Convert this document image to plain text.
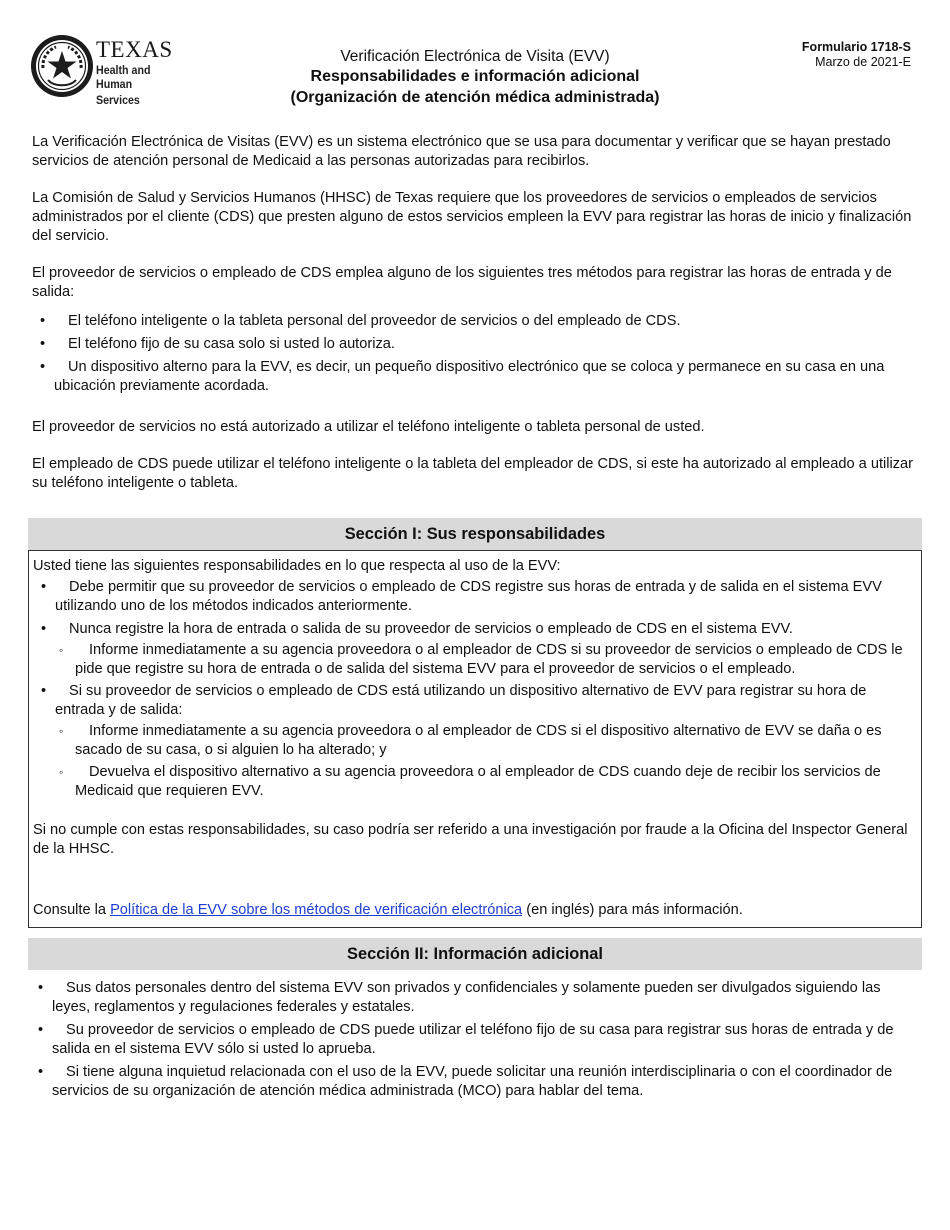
TEXAS
Health and Human
Services
Verificación Electrónica de Visita (EVV)
Responsabilidades e información adicional
(Organización de atención médica administrada)
Formulario 1718-S
Marzo de 2021-E

La Verificación Electrónica de Visitas (EVV) es un sistema electrónico que se usa para documentar y verificar que se hayan prestado servicios de atención personal de Medicaid a las personas autorizadas para recibirlos.

La Comisión de Salud y Servicios Humanos (HHSC) de Texas requiere que los proveedores de servicios o empleados de servicios administrados por el cliente (CDS) que presten alguno de estos servicios empleen la EVV para registrar las horas de inicio y finalización del servicio.

El proveedor de servicios o empleado de CDS emplea alguno de los siguientes tres métodos para registrar las horas de entrada y de salida:

• El teléfono inteligente o la tableta personal del proveedor de servicios o del empleado de CDS.
• El teléfono fijo de su casa solo si usted lo autoriza.
• Un dispositivo alterno para la EVV, es decir, un pequeño dispositivo electrónico que se coloca y permanece en su casa en una ubicación previamente acordada.

El proveedor de servicios no está autorizado a utilizar el teléfono inteligente o tableta personal de usted.

El empleado de CDS puede utilizar el teléfono inteligente o la tableta del empleador de CDS, si este ha autorizado al empleado a utilizar su teléfono inteligente o tableta.

Sección I: Sus responsabilidades

Usted tiene las siguientes responsabilidades en lo que respecta al uso de la EVV:

• Debe permitir que su proveedor de servicios o empleado de CDS registre sus horas de entrada y de salida en el sistema EVV utilizando uno de los métodos indicados anteriormente.
• Nunca registre la hora de entrada o salida de su proveedor de servicios o empleado de CDS en el sistema EVV.
◦ Informe inmediatamente a su agencia proveedora o al empleador de CDS si su proveedor de servicios o empleado de CDS le pide que registre su hora de entrada o de salida del sistema EVV para el proveedor de servicios o el empleado.
• Si su proveedor de servicios o empleado de CDS está utilizando un dispositivo alternativo de EVV para registrar su hora de entrada y de salida:
◦ Informe inmediatamente a su agencia proveedora o al empleador de CDS si el dispositivo alternativo de EVV se daña o es sacado de su casa, o si alguien lo ha alterado; y
◦ Devuelva el dispositivo alternativo a su agencia proveedora o al empleador de CDS cuando deje de recibir los servicios de Medicaid que requieren EVV.

Si no cumple con estas responsabilidades, su caso podría ser referido a una investigación por fraude a la Oficina del Inspector General de la HHSC.

Consulte la Política de la EVV sobre los métodos de verificación electrónica (en inglés) para más información.

Sección II: Información adicional
• Sus datos personales dentro del sistema EVV son privados y confidenciales y solamente pueden ser divulgados siguiendo las leyes, reglamentos y regulaciones federales y estatales.
• Su proveedor de servicios o empleado de CDS puede utilizar el teléfono fijo de su casa para registrar sus horas de entrada y de salida en el sistema EVV sólo si usted lo aprueba.
• Si tiene alguna inquietud relacionada con el uso de la EVV, puede solicitar una reunión interdisciplinaria o con el coordinador de servicios de su organización de atención médica administrada (MCO) para hablar del tema.
